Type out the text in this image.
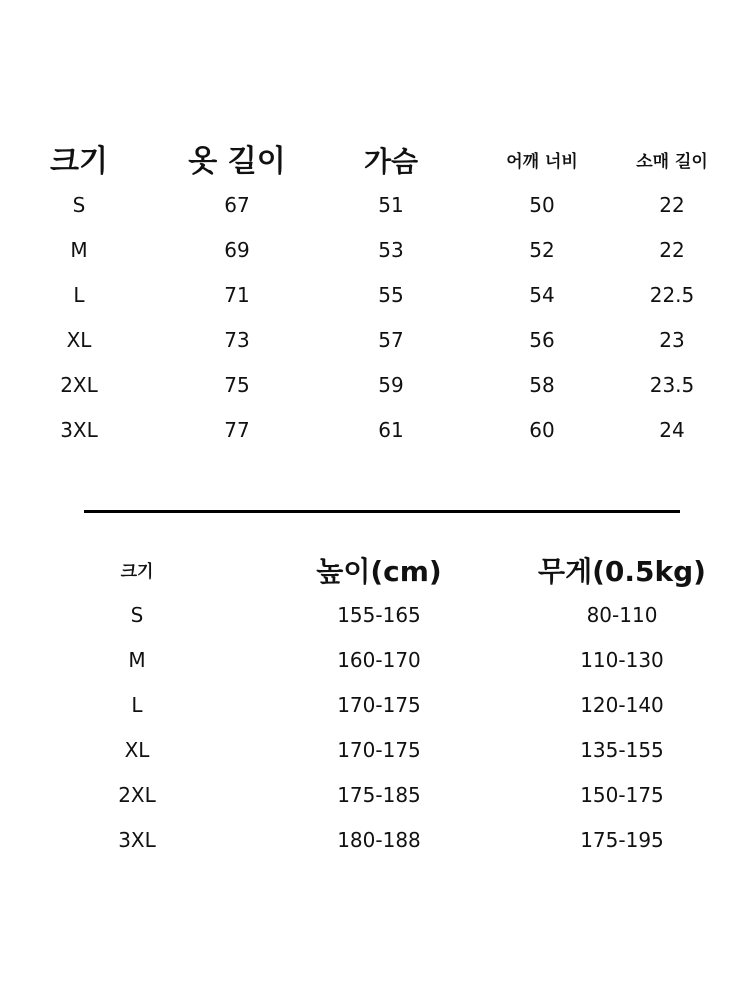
크기	옷 길이	가슴	어깨 너비	소매 길이
S	67	51	50	22
M	69	53	52	22
L	71	55	54	22.5
XL	73	57	56	23
2XL	75	59	58	23.5
3XL	77	61	60	24
크기	높이(cm)	무게(0.5kg)
S	155-165	80-110
M	160-170	110-130
L	170-175	120-140
XL	170-175	135-155
2XL	175-185	150-175
3XL	180-188	175-195
